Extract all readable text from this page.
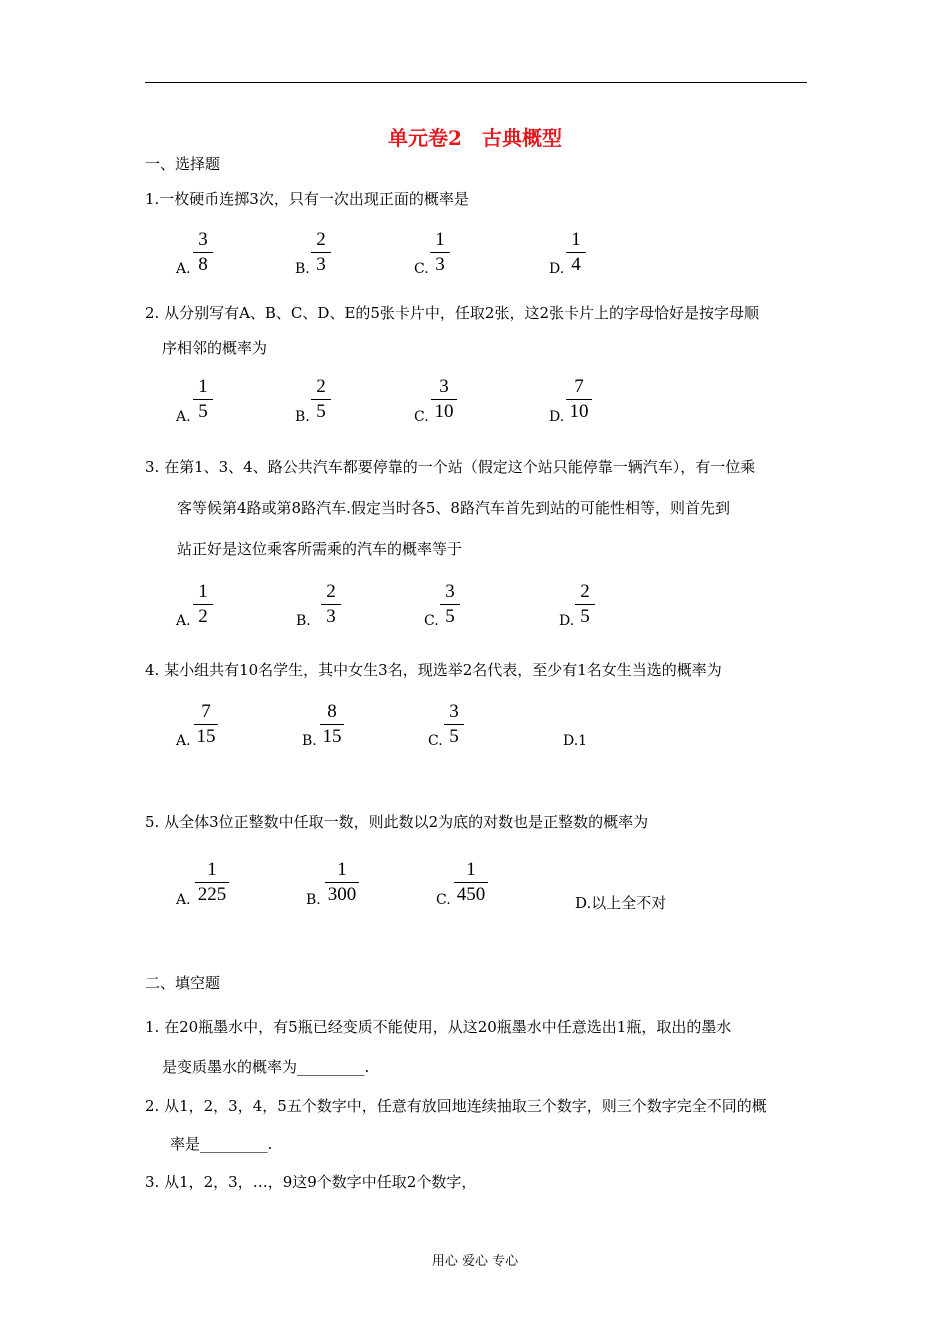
单元卷2　古典概型
一、选择题
1.一枚硬币连掷3次，只有一次出现正面的概率是
A.
3
8	B.
2
3	C.
1
3	D.
1
4
2. 从分别写有A、B、C、D、E的5张卡片中，任取2张，这2张卡片上的字母恰好是按字母顺
序相邻的概率为
A.
1
5	B.
2
5	C.
3
10	D.
7
10
3. 在第1、3、4、路公共汽车都要停靠的一个站（假定这个站只能停靠一辆汽车），有一位乘
客等候第4路或第8路汽车.假定当时各5、8路汽车首先到站的可能性相等，则首先到
站正好是这位乘客所需乘的汽车的概率等于
A.
1
2	B.
2
3	C.
3
5	D.
2
5
4. 某小组共有10名学生，其中女生3名，现选举2名代表，至少有1名女生当选的概率为
A.
7
15	B.
8
15	C.
3
5	D.1
5. 从全体3位正整数中任取一数，则此数以2为底的对数也是正整数的概率为
A.
1
225	B.
1
300	C.
1
450	D.以上全不对
二、填空题
1. 在20瓶墨水中，有5瓶已经变质不能使用，从这20瓶墨水中任意选出1瓶，取出的墨水
是变质墨水的概率为_________.
2. 从1，2，3，4，5五个数字中，任意有放回地连续抽取三个数字，则三个数字完全不同的概
率是_________.
3. 从1，2，3，…，9这9个数字中任取2个数字，
用心 爱心 专心
